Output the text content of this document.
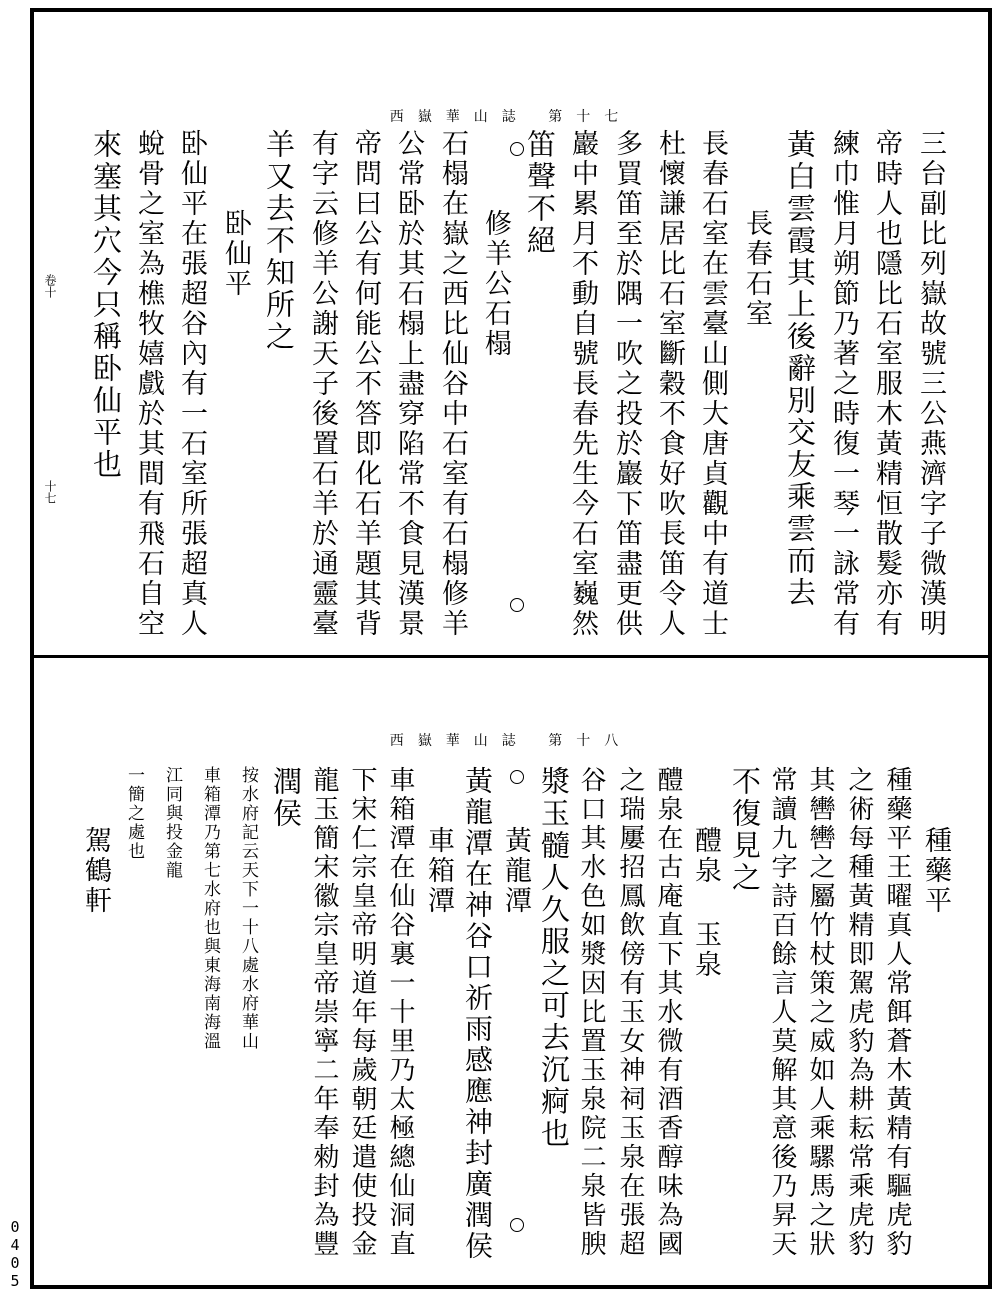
西嶽華山誌 第十七
卷十
十七	三台副比列嶽故號三公燕濟字子微漢明
帝時人也隱比石室服木黃精恒散髮亦有
練巾惟月朔節乃著之時復一琴一詠常有
黃白雲霞其上後辭別交友乘雲而去
長春石室
長春石室在雲臺山側大唐貞觀中有道士
杜懷謙居比石室斷穀不食好吹長笛令人
多買笛至於隅一吹之投於巖下笛盡更供
巖中累月不動自號長春先生今石室巍然
笛聲不絕
修羊公石榻
石榻在嶽之西比仙谷中石室有石榻修羊
公常卧於其石榻上盡穿陷常不食見漢景
帝問曰公有何能公不答即化石羊題其背
有字云修羊公謝天子後置石羊於通靈臺
羊又去不知所之
卧仙平
卧仙平在張超谷內有一石室所張超真人
蛻骨之室為樵牧嬉戲於其間有飛石自空
來塞其穴今只稱卧仙平也
西嶽華山誌 第十八
種藥平
種藥平王曜真人常餌蒼木黃精有驅虎豹
之術每種黃精即駕虎豹為耕耘常乘虎豹
其轡轡之屬竹杖策之威如人乘騾馬之狀
常讀九字詩百餘言人莫解其意後乃昇天
不復見之
醴泉 玉泉
醴泉在古庵直下其水微有酒香醇味為國
之瑞屢招鳳飲傍有玉女神祠玉泉在張超
谷口其水色如漿因比置玉泉院二泉皆腴
漿玉髓人久服之可去沉痾也
黃龍潭
黃龍潭在神谷口祈雨感應神封廣潤侯
車箱潭
車箱潭在仙谷裏一十里乃太極總仙洞直
下宋仁宗皇帝明道年每歲朝廷遣使投金
龍玉簡宋徽宗皇帝崇寧二年奉勑封為豐
潤侯
按水府記云天下一十八處水府華山
車箱潭乃第七水府也與東海南海溫
江同與投金龍
一簡之處也
駕鶴軒
0405
